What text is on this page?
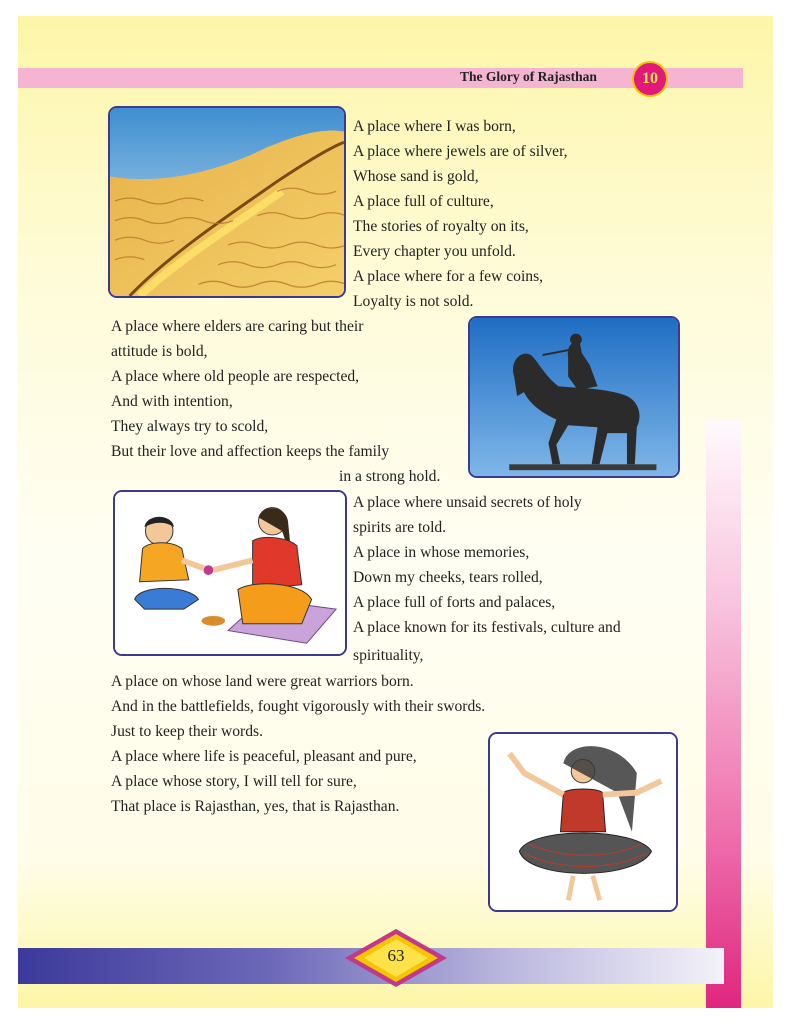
The Glory of Rajasthan	10
A place where I was born,
A place where jewels are of silver,
Whose sand is gold,
A place full of culture,
The stories of royalty on its,
Every chapter you unfold.
A place where for a few coins,
Loyalty is not sold.
A place where elders are caring but their
attitude is bold,
A place where old people are respected,
And with intention,
They always try to scold,
But their love and affection keeps the family
in a strong hold.
A place where unsaid secrets of holy
spirits are told.
A place in whose memories,
Down my cheeks, tears rolled,
A place full of forts and palaces,
A place known for its festivals, culture and
spirituality,
A place on whose land were great warriors born.
And in the battlefields, fought vigorously with their swords.
Just to keep their words.
A place where life is peaceful, pleasant and pure,
A place whose story, I will tell for sure,
That place is Rajasthan, yes, that is Rajasthan.
63
